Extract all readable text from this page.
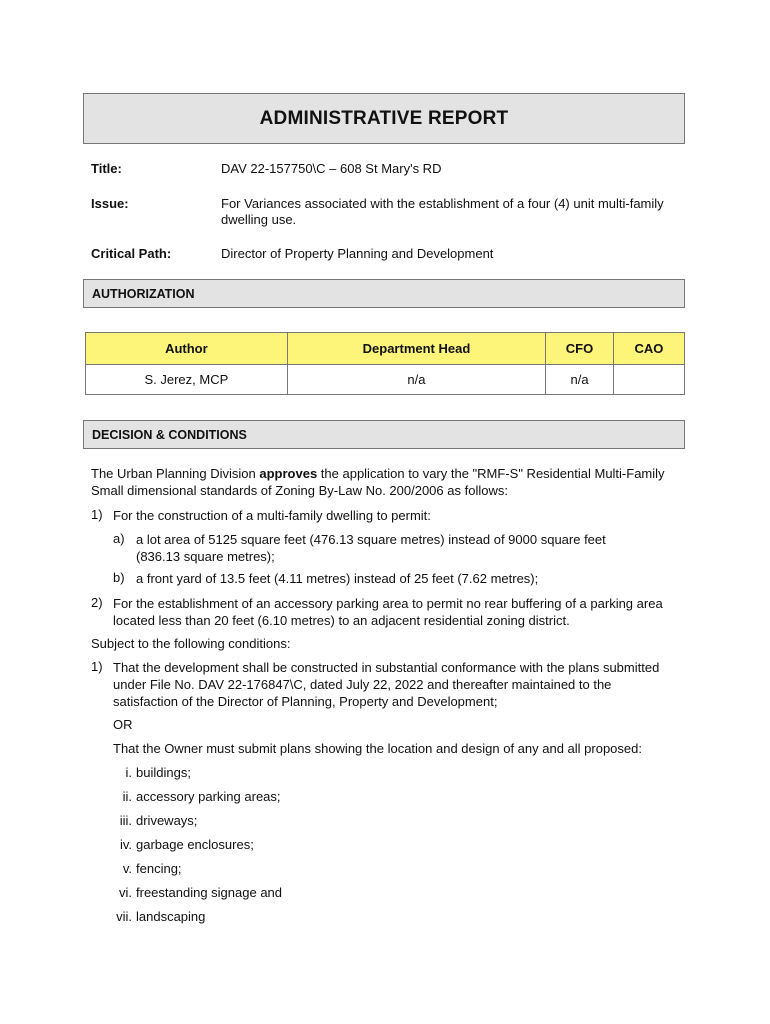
ADMINISTRATIVE REPORT
Title:	DAV 22-157750\C – 608 St Mary's RD
Issue:	For Variances associated with the establishment of a four (4) unit multi-family dwelling use.
Critical Path:	Director of Property Planning and Development
AUTHORIZATION
Author	Department Head	CFO	CAO
S. Jerez, MCP	n/a	n/a	
DECISION & CONDITIONS
The Urban Planning Division approves the application to vary the "RMF-S" Residential Multi-Family Small dimensional standards of Zoning By-Law No. 200/2006 as follows:
1) For the construction of a multi-family dwelling to permit:
a) a lot area of 5125 square feet (476.13 square metres) instead of 9000 square feet (836.13 square metres);
b) a front yard of 13.5 feet (4.11 metres) instead of 25 feet (7.62 metres);
2) For the establishment of an accessory parking area to permit no rear buffering of a parking area located less than 20 feet (6.10 metres) to an adjacent residential zoning district.
Subject to the following conditions:
1) That the development shall be constructed in substantial conformance with the plans submitted under File No. DAV 22-176847\C, dated July 22, 2022 and thereafter maintained to the satisfaction of the Director of Planning, Property and Development;
OR
That the Owner must submit plans showing the location and design of any and all proposed:
i. buildings;
ii. accessory parking areas;
iii. driveways;
iv. garbage enclosures;
v. fencing;
vi. freestanding signage and
vii. landscaping
